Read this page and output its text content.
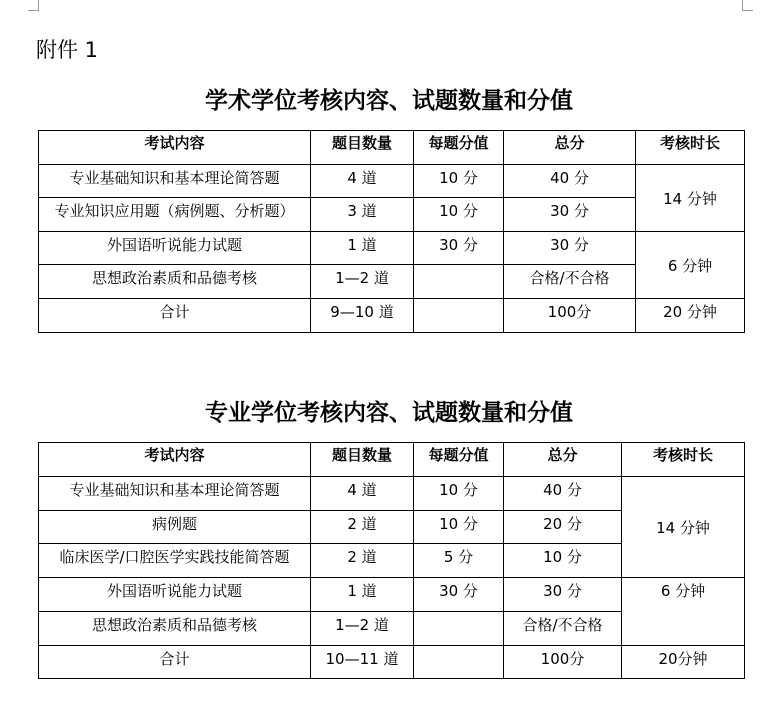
附件 1
学术学位考核内容、试题数量和分值
考试内容	题目数量	每题分值	总分	考核时长
专业基础知识和基本理论简答题	4 道	10 分	40 分	14 分钟
专业知识应用题（病例题、分析题）	3 道	10 分	30 分	
外国语听说能力试题	1 道	30 分	30 分	6 分钟
思想政治素质和品德考核	1—2 道		合格/不合格	
合计	9—10 道		100分	20 分钟
专业学位考核内容、试题数量和分值
考试内容	题目数量	每题分值	总分	考核时长
专业基础知识和基本理论简答题	4 道	10 分	40 分	14 分钟
病例题	2 道	10 分	20 分	
临床医学/口腔医学实践技能简答题	2 道	5 分	10 分	
外国语听说能力试题	1 道	30 分	30 分	6 分钟
思想政治素质和品德考核	1—2 道		合格/不合格	
合计	10—11 道		100分	20分钟
